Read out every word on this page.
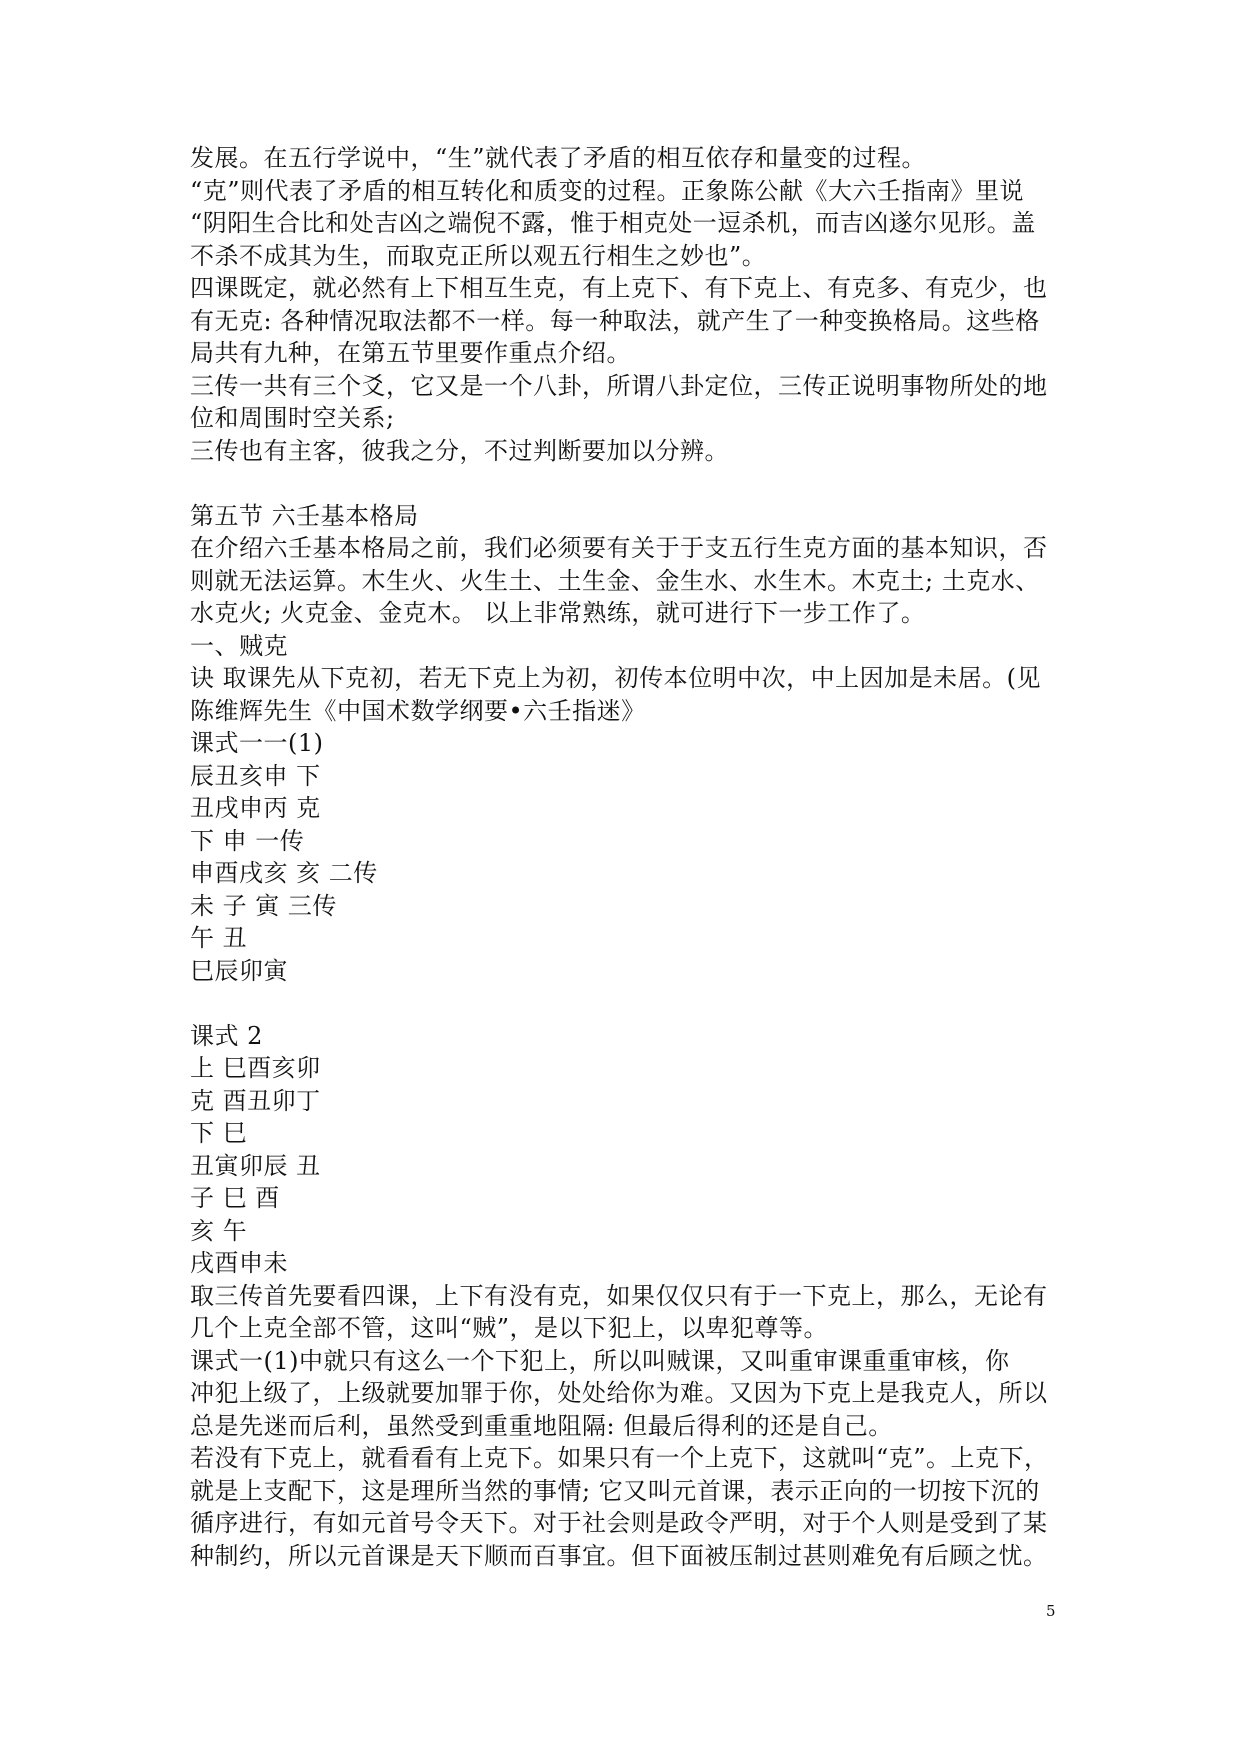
发展。在五行学说中，“生”就代表了矛盾的相互依存和量变的过程。
“克”则代表了矛盾的相互转化和质变的过程。正象陈公献《大六壬指南》里说
“阴阳生合比和处吉凶之端倪不露，惟于相克处一逗杀机，而吉凶遂尔见形。盖
不杀不成其为生，而取克正所以观五行相生之妙也”。
四课既定，就必然有上下相互生克，有上克下、有下克上、有克多、有克少，也
有无克: 各种情况取法都不一样。每一种取法，就产生了一种变换格局。这些格
局共有九种，在第五节里要作重点介绍。
三传一共有三个爻，它又是一个八卦，所谓八卦定位，三传正说明事物所处的地
位和周围时空关系;
三传也有主客，彼我之分，不过判断要加以分辨。
第五节 六壬基本格局
在介绍六壬基本格局之前，我们必须要有关于于支五行生克方面的基本知识，否
则就无法运算。木生火、火生土、土生金、金生水、水生木。木克土; 土克水、
水克火; 火克金、金克木。 以上非常熟练，就可进行下一步工作了。
一、贼克
诀 取课先从下克初，若无下克上为初，初传本位明中次，中上因加是未居。(见
陈维辉先生《中国术数学纲要•六壬指迷》
课式一一(1)
辰丑亥申 下
丑戌申丙 克
下 申 一传
申酉戌亥 亥 二传
未 子 寅 三传
午 丑
巳辰卯寅
课式 2
上 巳酉亥卯
克 酉丑卯丁
下 巳
丑寅卯辰 丑
子 巳 酉
亥 午
戌酉申未
取三传首先要看四课，上下有没有克，如果仅仅只有于一下克上，那么，无论有
几个上克全部不管，这叫“贼”，是以下犯上，以卑犯尊等。
课式一(1)中就只有这么一个下犯上，所以叫贼课，又叫重审课重重审核，你
冲犯上级了，上级就要加罪于你，处处给你为难。又因为下克上是我克人，所以
总是先迷而后利，虽然受到重重地阻隔: 但最后得利的还是自己。
若没有下克上，就看看有上克下。如果只有一个上克下，这就叫“克”。上克下，
就是上支配下，这是理所当然的事情; 它又叫元首课，表示正向的一切按下沉的
循序进行，有如元首号令天下。对于社会则是政令严明，对于个人则是受到了某
种制约，所以元首课是天下顺而百事宜。但下面被压制过甚则难免有后顾之忧。
5
